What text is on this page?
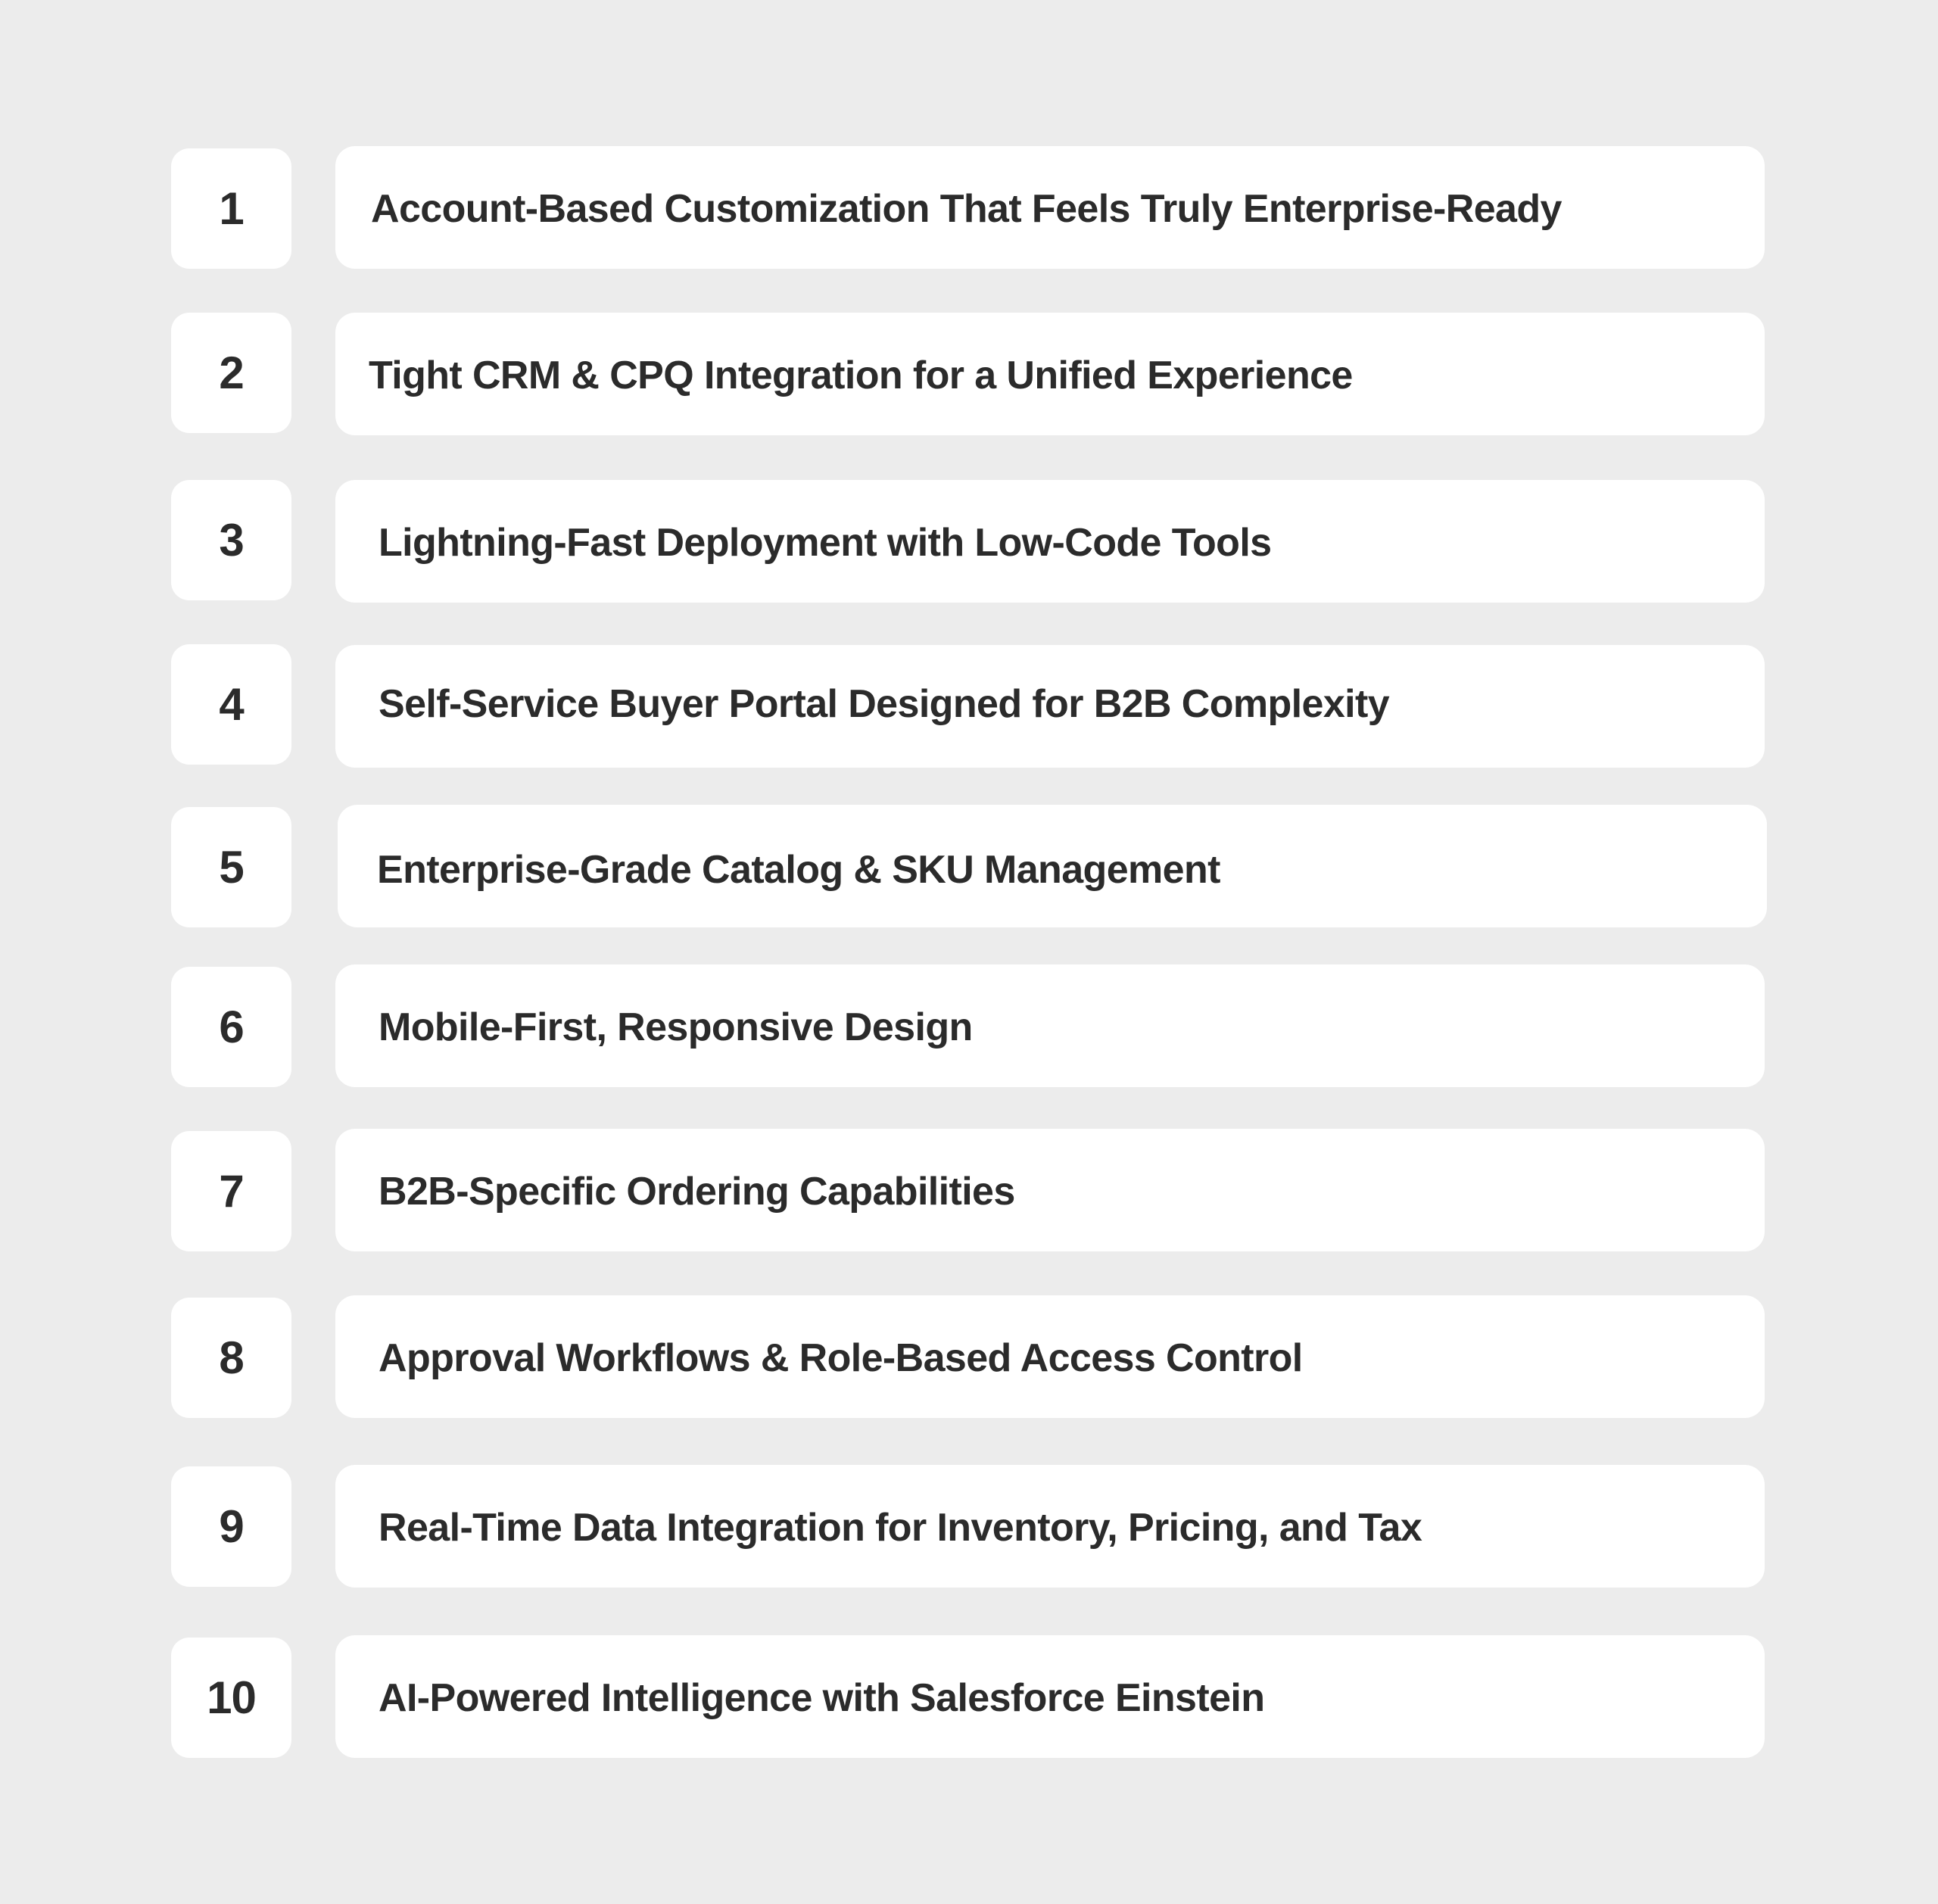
1	Account-Based Customization That Feels Truly Enterprise-Ready
2	Tight CRM & CPQ Integration for a Unified Experience
3	Lightning-Fast Deployment with Low-Code Tools
4	Self-Service Buyer Portal Designed for B2B Complexity
5	Enterprise-Grade Catalog & SKU Management
6	Mobile-First, Responsive Design
7	B2B-Specific Ordering Capabilities
8	Approval Workflows & Role-Based Access Control
9	Real-Time Data Integration for Inventory, Pricing, and Tax
10	AI-Powered Intelligence with Salesforce Einstein
